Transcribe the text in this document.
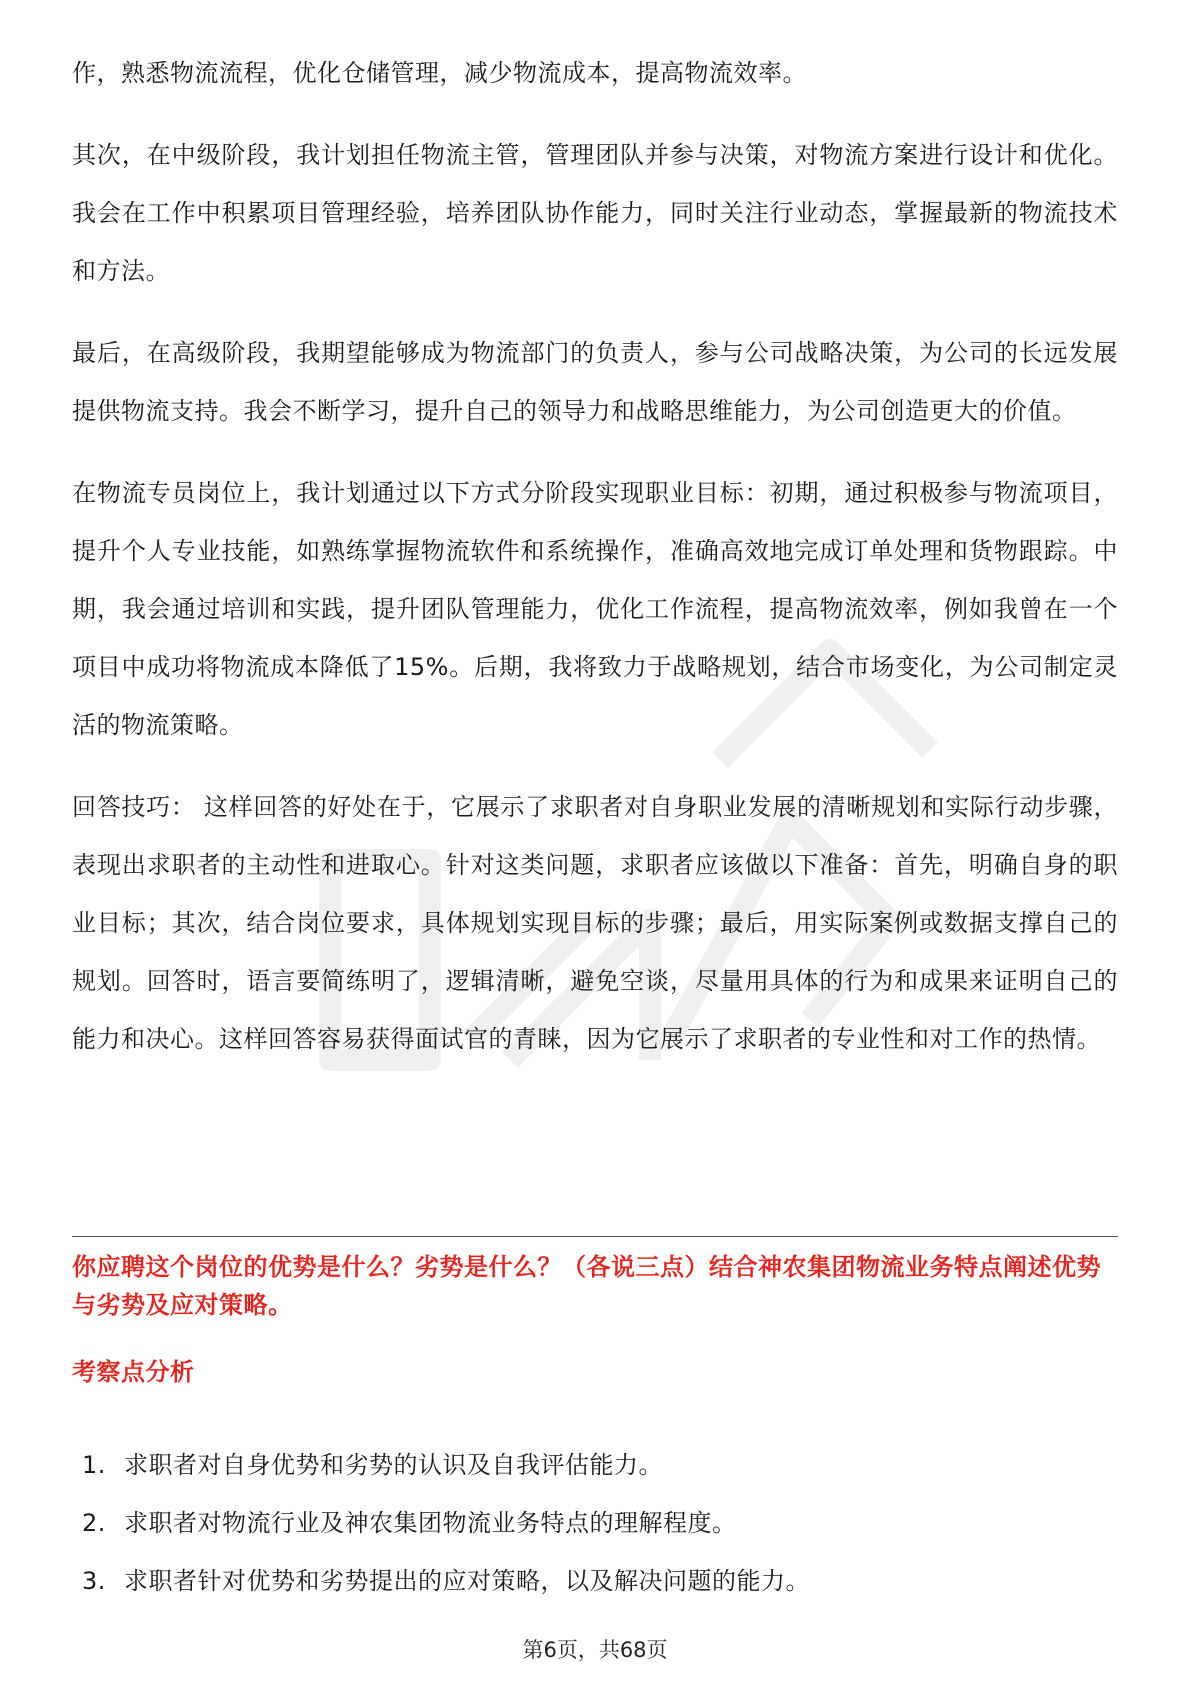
作，熟悉物流流程，优化仓储管理，减少物流成本，提高物流效率。

其次，在中级阶段，我计划担任物流主管，管理团队并参与决策，对物流方案进行设计和优化。我会在工作中积累项目管理经验，培养团队协作能力，同时关注行业动态，掌握最新的物流技术和方法。

最后，在高级阶段，我期望能够成为物流部门的负责人，参与公司战略决策，为公司的长远发展提供物流支持。我会不断学习，提升自己的领导力和战略思维能力，为公司创造更大的价值。

在物流专员岗位上，我计划通过以下方式分阶段实现职业目标：初期，通过积极参与物流项目，提升个人专业技能，如熟练掌握物流软件和系统操作，准确高效地完成订单处理和货物跟踪。中期，我会通过培训和实践，提升团队管理能力，优化工作流程，提高物流效率，例如我曾在一个项目中成功将物流成本降低了15%。后期，我将致力于战略规划，结合市场变化，为公司制定灵活的物流策略。

回答技巧： 这样回答的好处在于，它展示了求职者对自身职业发展的清晰规划和实际行动步骤，表现出求职者的主动性和进取心。针对这类问题，求职者应该做以下准备：首先，明确自身的职业目标；其次，结合岗位要求，具体规划实现目标的步骤；最后，用实际案例或数据支撑自己的规划。回答时，语言要简练明了，逻辑清晰，避免空谈，尽量用具体的行为和成果来证明自己的能力和决心。这样回答容易获得面试官的青睐，因为它展示了求职者的专业性和对工作的热情。

你应聘这个岗位的优势是什么？劣势是什么？（各说三点）结合神农集团物流业务特点阐述优势与劣势及应对策略。

考察点分析

1. 求职者对自身优势和劣势的认识及自我评估能力。
2. 求职者对物流行业及神农集团物流业务特点的理解程度。
3. 求职者针对优势和劣势提出的应对策略，以及解决问题的能力。
第6页，共68页
